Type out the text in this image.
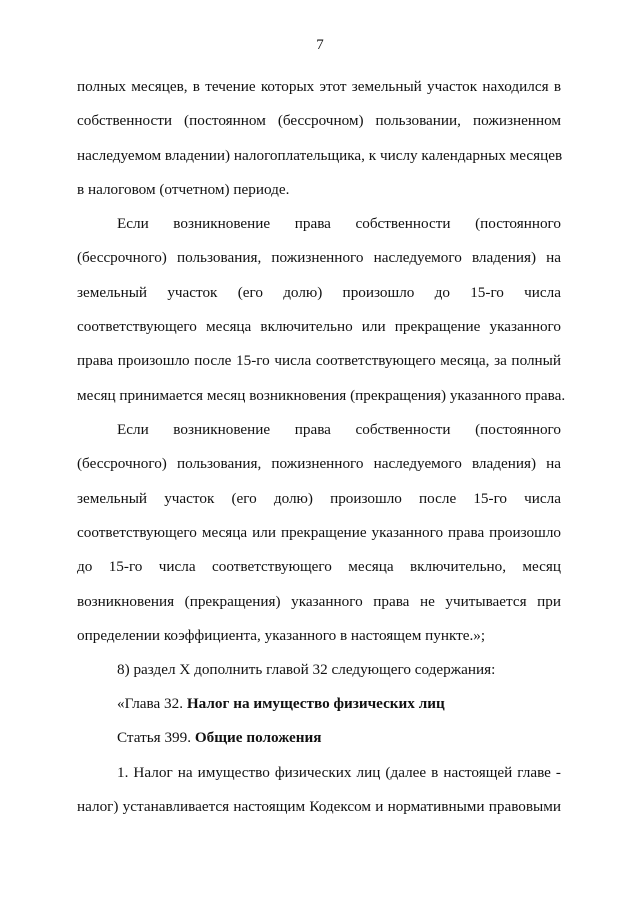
7
полных месяцев, в течение которых этот земельный участок находился в
собственности (постоянном (бессрочном) пользовании, пожизненном
наследуемом владении) налогоплательщика, к числу календарных месяцев
в налоговом (отчетном) периоде.
Если возникновение права собственности (постоянного
(бессрочного) пользования, пожизненного наследуемого владения) на
земельный участок (его долю) произошло до 15-го числа
соответствующего месяца включительно или прекращение указанного
права произошло после 15-го числа соответствующего месяца, за полный
месяц принимается месяц возникновения (прекращения) указанного права.
Если возникновение права собственности (постоянного
(бессрочного) пользования, пожизненного наследуемого владения) на
земельный участок (его долю) произошло после 15-го числа
соответствующего месяца или прекращение указанного права произошло
до 15-го числа соответствующего месяца включительно, месяц
возникновения (прекращения) указанного права не учитывается при
определении коэффициента, указанного в настоящем пункте.»;
8) раздел X дополнить главой 32 следующего содержания:
«Глава 32. Налог на имущество физических лиц
Статья 399. Общие положения
1. Налог на имущество физических лиц (далее в настоящей главе -
налог) устанавливается настоящим Кодексом и нормативными правовыми
